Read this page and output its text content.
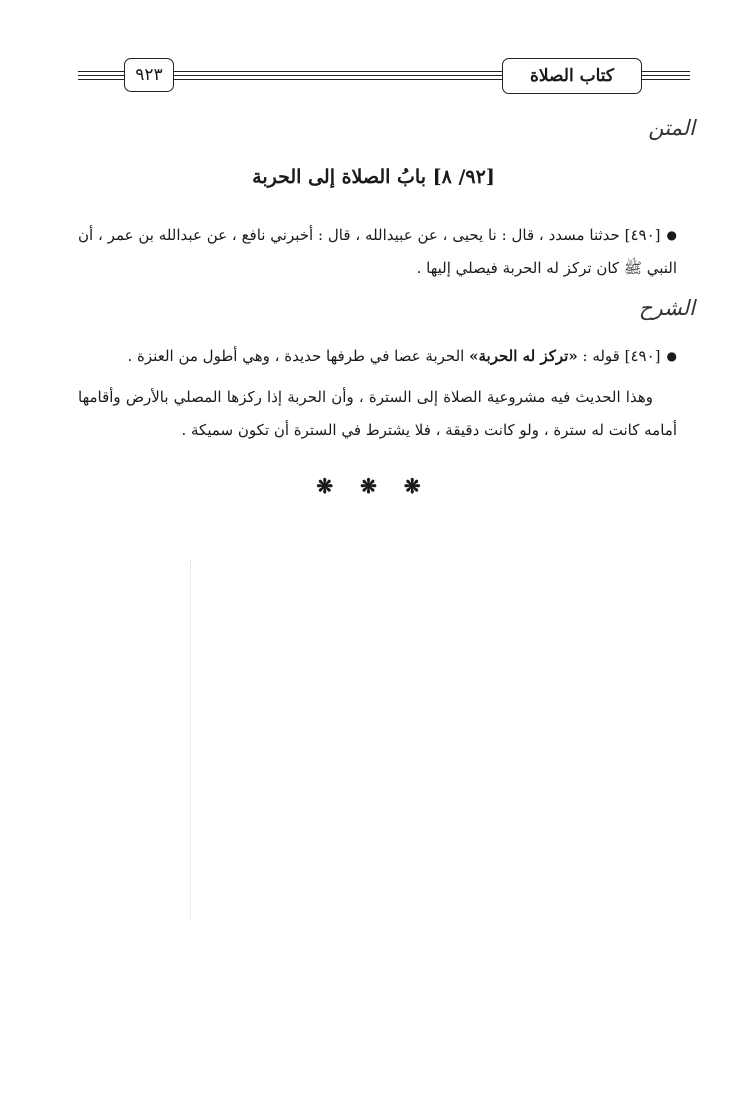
٩٢٣	كتاب الصلاة
المتن
[٩٢/ ٨] بابُ الصلاة إلى الحربة

●[٤٩٠] حدثنا مسدد ، قال : نا يحيى ، عن عبيدالله ، قال : أخبرني نافع ، عن عبدالله بن عمر ، أن النبي ﷺ كان تركز له الحربة فيصلي إليها .

الشرح

●[٤٩٠] قوله : «تركز له الحربة» الحربة عصا في طرفها حديدة ، وهي أطول من العنزة .

وهذا الحديث فيه مشروعية الصلاة إلى السترة ، وأن الحربة إذا ركزها المصلي بالأرض وأقامها أمامه كانت له سترة ، ولو كانت دقيقة ، فلا يشترط في السترة أن تكون سميكة .

❋ ❋ ❋
